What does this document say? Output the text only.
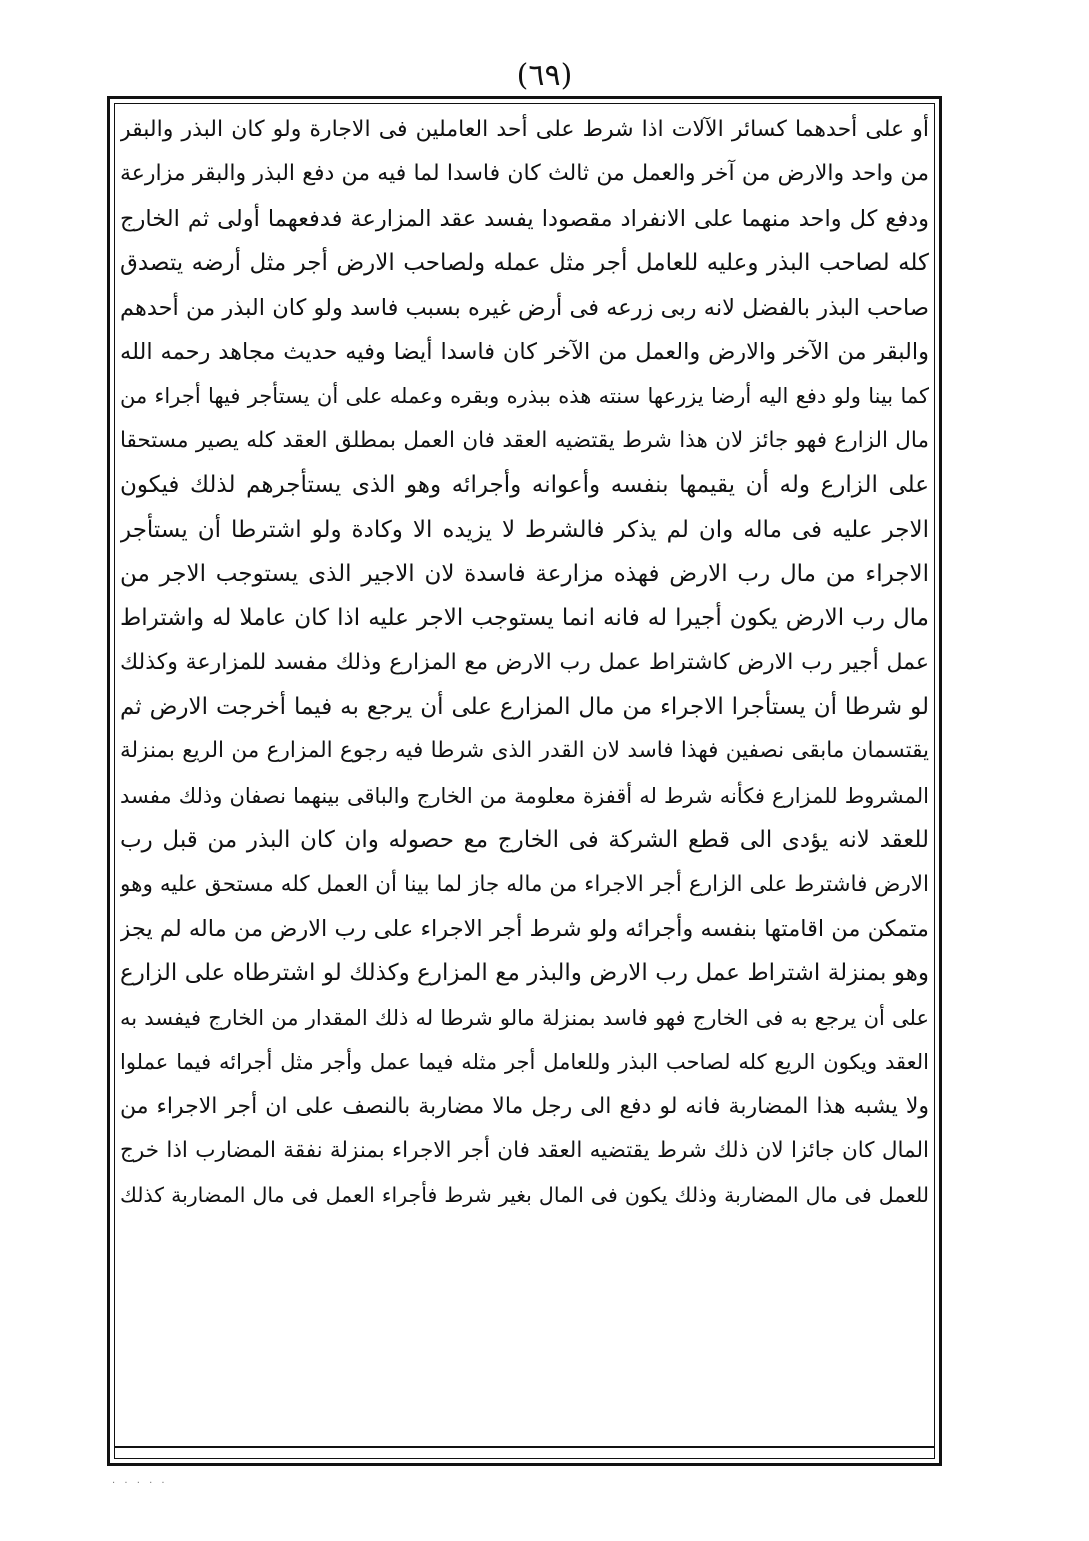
(٦٩)
أو على أحدهما كسائر الآلات اذا شرط على أحد العاملين فى الاجارة ولو كان البذر والبقر
من واحد والارض من آخر والعمل من ثالث كان فاسدا لما فيه من دفع البذر والبقر مزارعة
ودفع كل واحد منهما على الانفراد مقصودا يفسد عقد المزارعة فدفعهما أولى ثم الخارج
كله لصاحب البذر وعليه للعامل أجر مثل عمله ولصاحب الارض أجر مثل أرضه يتصدق
صاحب البذر بالفضل لانه ربى زرعه فى أرض غيره بسبب فاسد ولو كان البذر من أحدهم
والبقر من الآخر والارض والعمل من الآخر كان فاسدا أيضا وفيه حديث مجاهد رحمه الله
كما بينا ولو دفع اليه أرضا يزرعها سنته هذه ببذره وبقره وعمله على أن يستأجر فيها أجراء من
مال الزارع فهو جائز لان هذا شرط يقتضيه العقد فان العمل بمطلق العقد كله يصير مستحقا
على الزارع وله أن يقيمها بنفسه وأعوانه وأجرائه وهو الذى يستأجرهم لذلك فيكون
الاجر عليه فى ماله وان لم يذكر فالشرط لا يزيده الا وكادة ولو اشترطا أن يستأجر
الاجراء من مال رب الارض فهذه مزارعة فاسدة لان الاجير الذى يستوجب الاجر من
مال رب الارض يكون أجيرا له فانه انما يستوجب الاجر عليه اذا كان عاملا له واشتراط
عمل أجير رب الارض كاشتراط عمل رب الارض مع المزارع وذلك مفسد للمزارعة وكذلك
لو شرطا أن يستأجرا الاجراء من مال المزارع على أن يرجع به فيما أخرجت الارض ثم
يقتسمان مابقى نصفين فهذا فاسد لان القدر الذى شرطا فيه رجوع المزارع من الريع بمنزلة
المشروط للمزارع فكأنه شرط له أقفزة معلومة من الخارج والباقى بينهما نصفان وذلك مفسد
للعقد لانه يؤدى الى قطع الشركة فى الخارج مع حصوله وان كان البذر من قبل رب
الارض فاشترط على الزارع أجر الاجراء من ماله جاز لما بينا أن العمل كله مستحق عليه وهو
متمكن من اقامتها بنفسه وأجرائه ولو شرط أجر الاجراء على رب الارض من ماله لم يجز
وهو بمنزلة اشتراط عمل رب الارض والبذر مع المزارع وكذلك لو اشترطاه على الزارع
على أن يرجع به فى الخارج فهو فاسد بمنزلة مالو شرطا له ذلك المقدار من الخارج فيفسد به
العقد ويكون الريع كله لصاحب البذر وللعامل أجر مثله فيما عمل وأجر مثل أجرائه فيما عملوا
ولا يشبه هذا المضاربة فانه لو دفع الى رجل مالا مضاربة بالنصف على ان أجر الاجراء من
المال كان جائزا لان ذلك شرط يقتضيه العقد فان أجر الاجراء بمنزلة نفقة المضارب اذا خرج
للعمل فى مال المضاربة وذلك يكون فى المال بغير شرط فأجراء العمل فى مال المضاربة كذلك
· · · · ·
